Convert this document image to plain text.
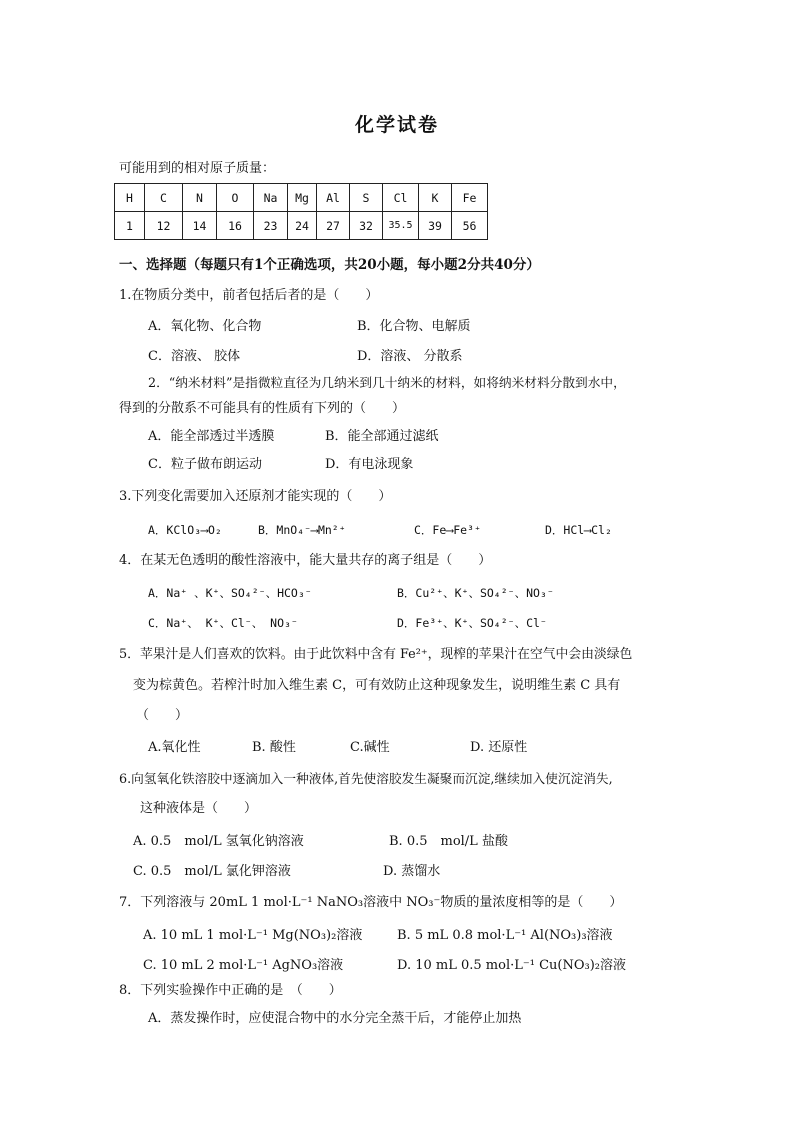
化学试卷
可能用到的相对原子质量：
H	C	N	O	Na	Mg	Al	S	Cl	K	Fe
1	12	14	16	23	24	27	32	35.5	39	56
一、选择题（每题只有1个正确选项，共20小题，每小题2分共40分）
1.在物质分类中，前者包括后者的是（　　）
A．氧化物、化合物	B．化合物、电解质
C．溶液、 胶体	D．溶液、 分散系
2．“纳米材料”是指微粒直径为几纳米到几十纳米的材料，如将纳米材料分散到水中，
得到的分散系不可能具有的性质有下列的（　　）
A．能全部透过半透膜	B．能全部通过滤纸
C．粒子做布朗运动	D．有电泳现象
3.下列变化需要加入还原剂才能实现的（　　）
A．KClO₃⟶O₂	B．MnO₄⁻⟶Mn²⁺	C．Fe⟶Fe³⁺	D．HCl⟶Cl₂
4．在某无色透明的酸性溶液中，能大量共存的离子组是（　　）
A．Na⁺ 、K⁺、SO₄²⁻、HCO₃⁻	B．Cu²⁺、K⁺、SO₄²⁻、NO₃⁻
C．Na⁺、 K⁺、Cl⁻、 NO₃⁻	D．Fe³⁺、K⁺、SO₄²⁻、Cl⁻
5．苹果汁是人们喜欢的饮料。由于此饮料中含有 Fe²⁺，现榨的苹果汁在空气中会由淡绿色
变为棕黄色。若榨汁时加入维生素 C，可有效防止这种现象发生，说明维生素 C 具有
（　　）
A.氧化性	B. 酸性	C.碱性	D. 还原性
6.向氢氧化铁溶胶中逐滴加入一种液体,首先使溶胶发生凝聚而沉淀,继续加入使沉淀消失,
这种液体是（　　）
A. 0.5　mol/L 氢氧化钠溶液	B. 0.5　mol/L 盐酸
C. 0.5　mol/L 氯化钾溶液	D. 蒸馏水
7．下列溶液与 20mL 1 mol·L⁻¹ NaNO₃溶液中 NO₃⁻物质的量浓度相等的是（　　）
A. 10 mL 1 mol·L⁻¹ Mg(NO₃)₂溶液	B. 5 mL 0.8 mol·L⁻¹ Al(NO₃)₃溶液
C. 10 mL 2 mol·L⁻¹ AgNO₃溶液	D. 10 mL 0.5 mol·L⁻¹ Cu(NO₃)₂溶液
8．下列实验操作中正确的是　（　　）
A．蒸发操作时，应使混合物中的水分完全蒸干后，才能停止加热
